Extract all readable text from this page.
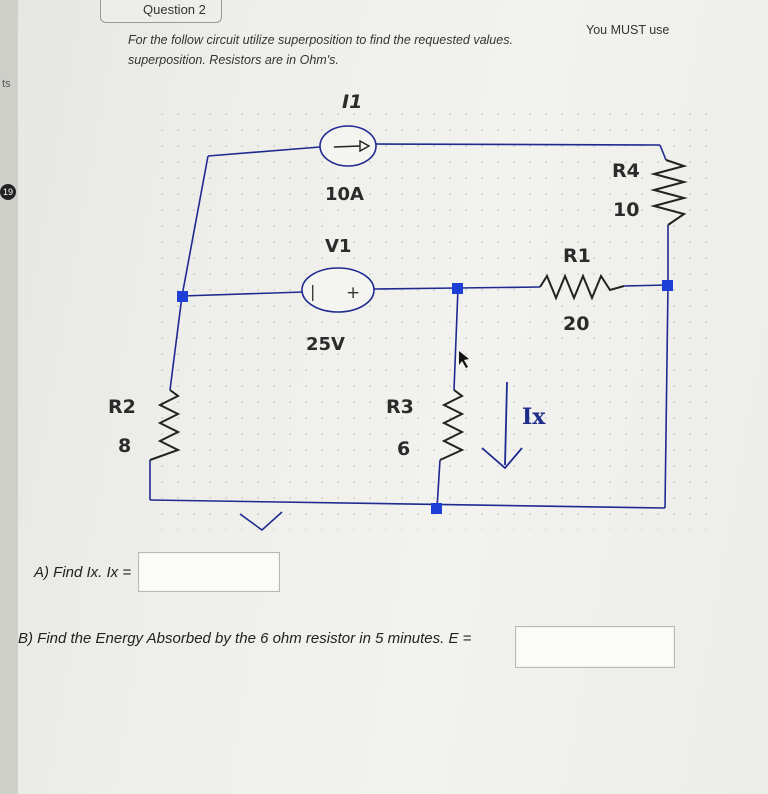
ts
19
Question 2
For the follow circuit utilize superposition to find the requested values.
You MUST use
superposition. Resistors are in Ohm's.
I1
10A
V1
| +
25V
R1
20
R2
8
R3
6
R4
10
Ix
A) Find Ix. Ix =
B) Find the Energy Absorbed by the 6 ohm resistor in 5 minutes. E =
